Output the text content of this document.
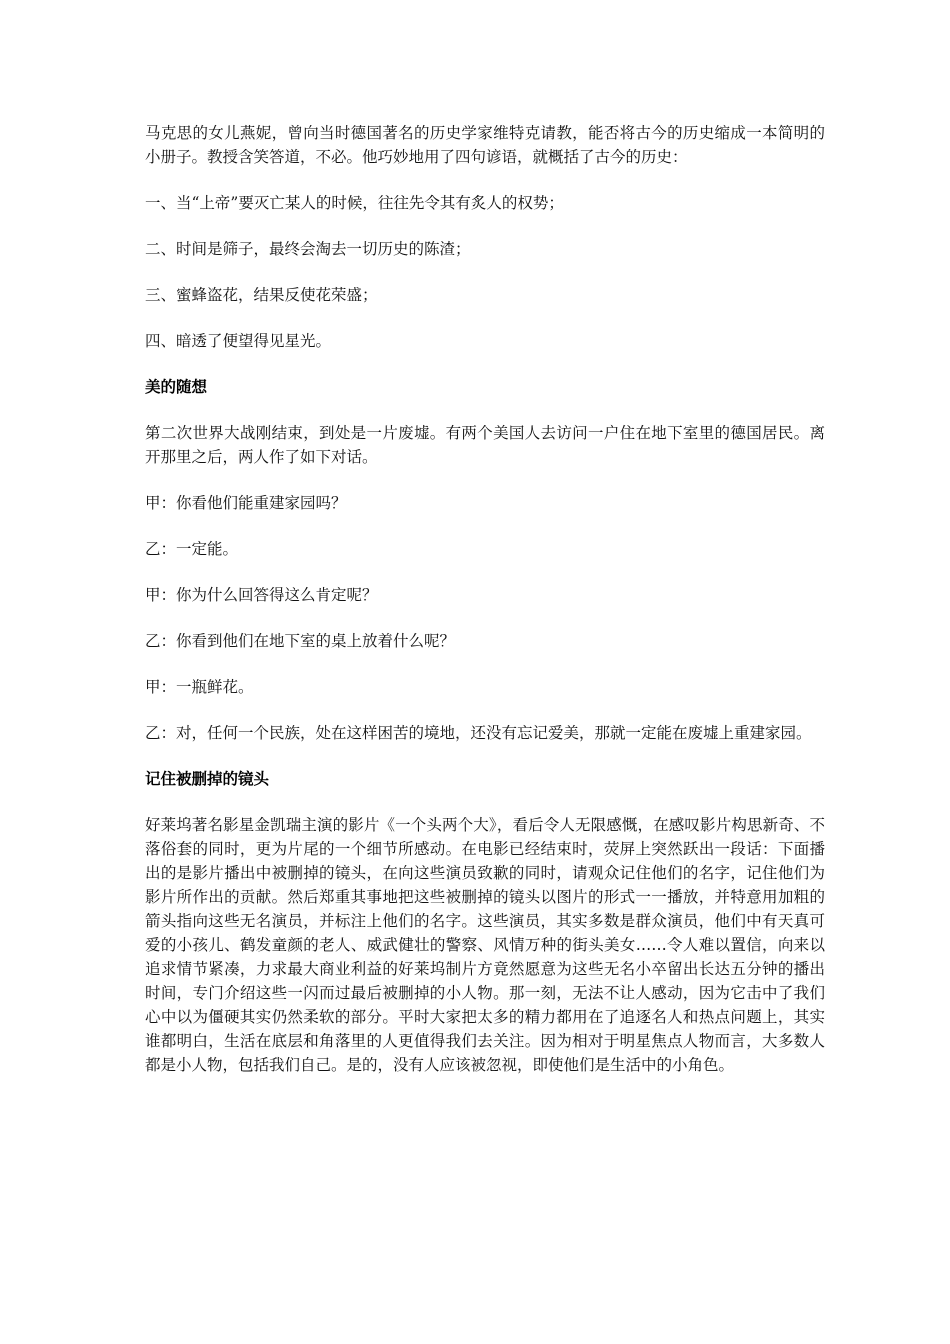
马克思的女儿燕妮，曾向当时德国著名的历史学家维特克请教，能否将古今的历史缩成一本简明的小册子。教授含笑答道，不必。他巧妙地用了四句谚语，就概括了古今的历史：

一、当“上帝”要灭亡某人的时候，往往先令其有炙人的权势；

二、时间是筛子，最终会淘去一切历史的陈渣；

三、蜜蜂盗花，结果反使花荣盛；

四、暗透了便望得见星光。

美的随想

第二次世界大战刚结束，到处是一片废墟。有两个美国人去访问一户住在地下室里的德国居民。离开那里之后，两人作了如下对话。

甲：你看他们能重建家园吗？

乙：一定能。

甲：你为什么回答得这么肯定呢？

乙：你看到他们在地下室的桌上放着什么呢？

甲：一瓶鲜花。

乙：对，任何一个民族，处在这样困苦的境地，还没有忘记爱美，那就一定能在废墟上重建家园。

记住被删掉的镜头

好莱坞著名影星金凯瑞主演的影片《一个头两个大》，看后令人无限感慨，在感叹影片构思新奇、不落俗套的同时，更为片尾的一个细节所感动。在电影已经结束时，荧屏上突然跃出一段话：下面播出的是影片播出中被删掉的镜头，在向这些演员致歉的同时，请观众记住他们的名字，记住他们为影片所作出的贡献。然后郑重其事地把这些被删掉的镜头以图片的形式一一播放，并特意用加粗的箭头指向这些无名演员，并标注上他们的名字。这些演员，其实多数是群众演员，他们中有天真可爱的小孩儿、鹤发童颜的老人、威武健壮的警察、风情万种的街头美女……令人难以置信，向来以追求情节紧凑，力求最大商业利益的好莱坞制片方竟然愿意为这些无名小卒留出长达五分钟的播出时间，专门介绍这些一闪而过最后被删掉的小人物。那一刻，无法不让人感动，因为它击中了我们心中以为僵硬其实仍然柔软的部分。平时大家把太多的精力都用在了追逐名人和热点问题上，其实谁都明白，生活在底层和角落里的人更值得我们去关注。因为相对于明星焦点人物而言，大多数人都是小人物，包括我们自己。是的，没有人应该被忽视，即使他们是生活中的小角色。
